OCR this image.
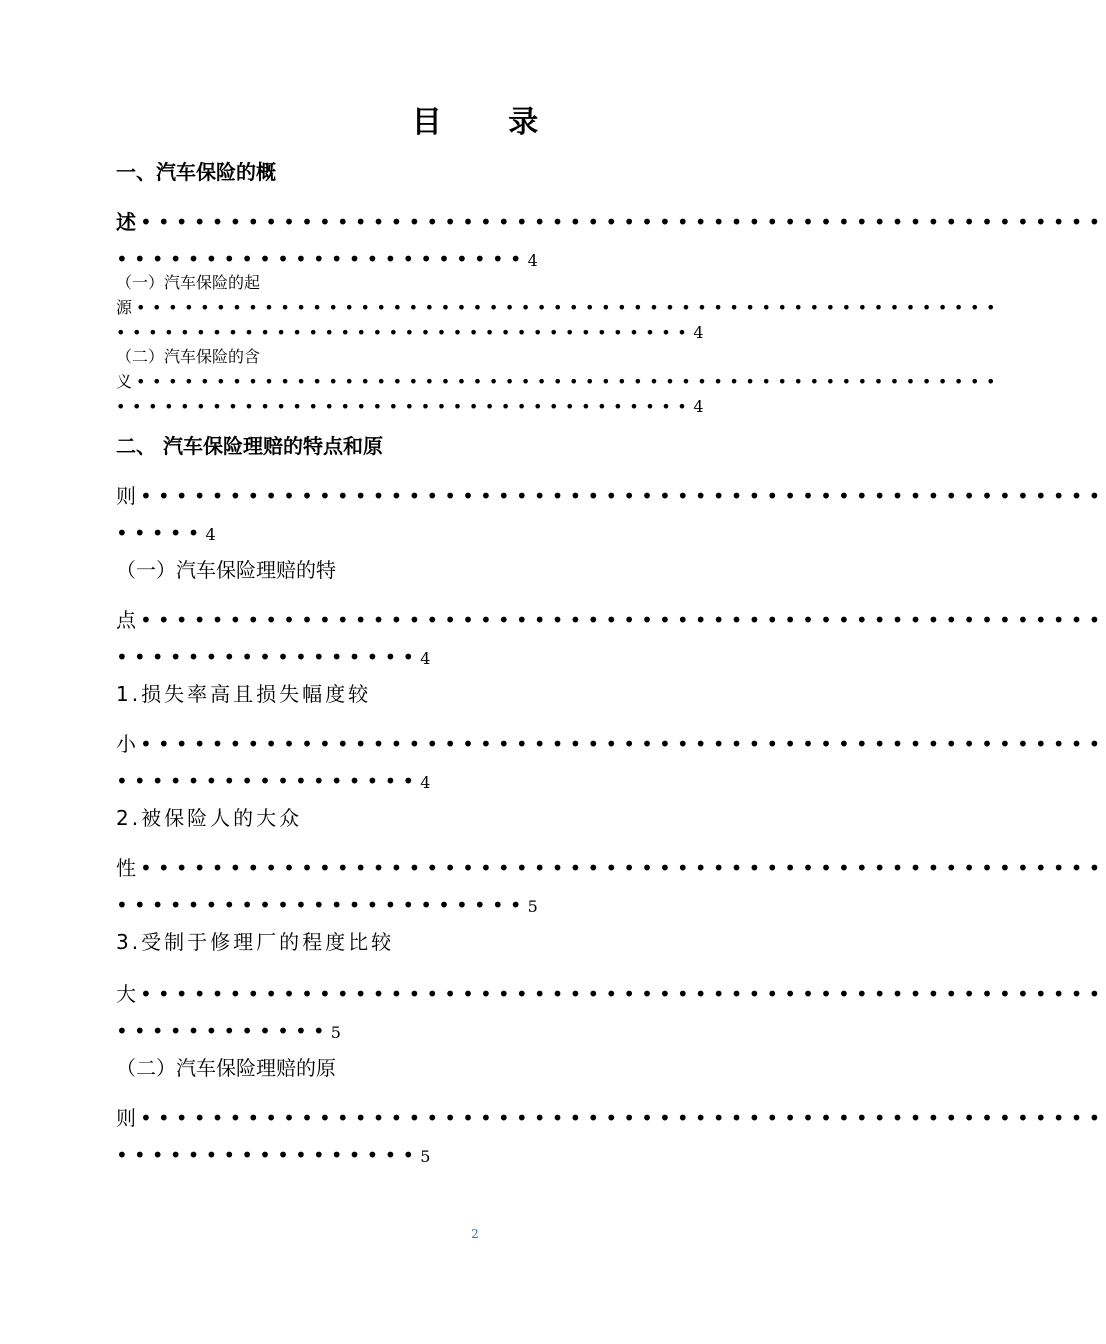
目 录
一、汽车保险的概
述 ••••••••••••••••••••••••••••••••••••••••••••••••••••••
•••••••••••••••••••••••4
（一）汽车保险的起
源 ••••••••••••••••••••••••••••••••••••••••••••••••••••••
••••••••••••••••••••••••••••••••••••4
（二）汽车保险的含
义 ••••••••••••••••••••••••••••••••••••••••••••••••••••••
••••••••••••••••••••••••••••••••••••4
二、 汽车保险理赔的特点和原
则 ••••••••••••••••••••••••••••••••••••••••••••••••••••••
•••••4
（一）汽车保险理赔的特
点 ••••••••••••••••••••••••••••••••••••••••••••••••••••••
•••••••••••••••••4
1.损失率高且损失幅度较
小 ••••••••••••••••••••••••••••••••••••••••••••••••••••••
•••••••••••••••••4
2.被保险人的大众
性 ••••••••••••••••••••••••••••••••••••••••••••••••••••••
•••••••••••••••••••••••5
3.受制于修理厂的程度比较
大 ••••••••••••••••••••••••••••••••••••••••••••••••••••••
••••••••••••5
（二）汽车保险理赔的原
则 ••••••••••••••••••••••••••••••••••••••••••••••••••••••
•••••••••••••••••5
2
